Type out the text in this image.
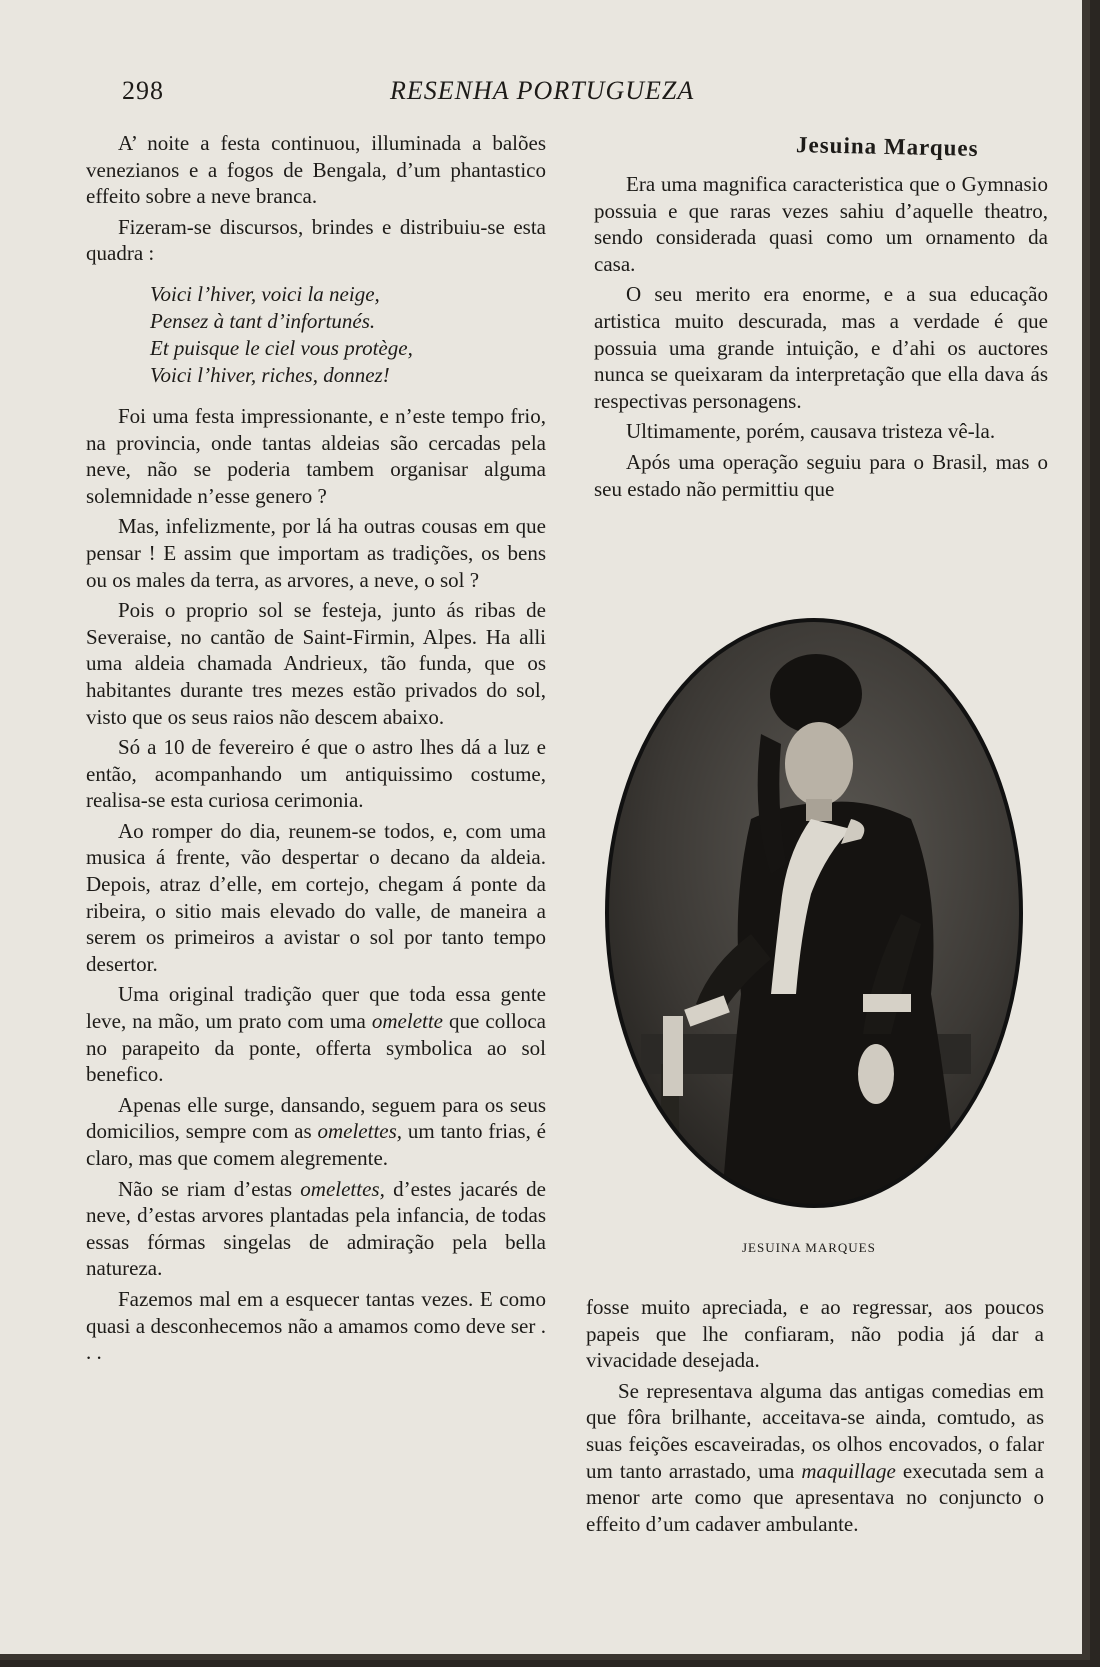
298	RESENHA PORTUGUEZA

A’ noite a festa continuou, illuminada a balões venezianos e a fogos de Bengala, d’um phantastico effeito sobre a neve branca.

Fizeram-se discursos, brindes e distribuiu-se esta quadra :

Voici l’hiver, voici la neige,
Pensez à tant d’infortunés.
Et puisque le ciel vous protège,
Voici l’hiver, riches, donnez!

Foi uma festa impressionante, e n’este tempo frio, na provincia, onde tantas aldeias são cercadas pela neve, não se poderia tambem organisar alguma solemnidade n’esse genero ?

Mas, infelizmente, por lá ha outras cousas em que pensar ! E assim que importam as tradições, os bens ou os males da terra, as arvores, a neve, o sol ?

Pois o proprio sol se festeja, junto ás ribas de Severaise, no cantão de Saint-Firmin, Alpes. Ha alli uma aldeia chamada Andrieux, tão funda, que os habitantes durante tres mezes estão privados do sol, visto que os seus raios não descem abaixo.

Só a 10 de fevereiro é que o astro lhes dá a luz e então, acompanhando um antiquissimo costume, realisa-se esta curiosa cerimonia.

Ao romper do dia, reunem-se todos, e, com uma musica á frente, vão despertar o decano da aldeia. Depois, atraz d’elle, em cortejo, chegam á ponte da ribeira, o sitio mais elevado do valle, de maneira a serem os primeiros a avistar o sol por tanto tempo desertor.

Uma original tradição quer que toda essa gente leve, na mão, um prato com uma omelette que colloca no parapeito da ponte, offerta symbolica ao sol benefico.

Apenas elle surge, dansando, seguem para os seus domicilios, sempre com as omelettes, um tanto frias, é claro, mas que comem alegremente.

Não se riam d’estas omelettes, d’estes jacarés de neve, d’estas arvores plantadas pela infancia, de todas essas fórmas singelas de admiração pela bella natureza.

Fazemos mal em a esquecer tantas vezes. E como quasi a desconhecemos não a amamos como deve ser . . .

Jesuina Marques

Era uma magnifica caracteristica que o Gymnasio possuia e que raras vezes sahiu d’aquelle theatro, sendo considerada quasi como um ornamento da casa.

O seu merito era enorme, e a sua educação artistica muito descurada, mas a verdade é que possuia uma grande intuição, e d’ahi os auctores nunca se queixaram da interpretação que ella dava ás respectivas personagens.

Ultimamente, porém, causava tristeza vê-la.

Após uma operação seguiu para o Brasil, mas o seu estado não permittiu que

JESUINA MARQUES

fosse muito apreciada, e ao regressar, aos poucos papeis que lhe confiaram, não podia já dar a vivacidade desejada.

Se representava alguma das antigas comedias em que fôra brilhante, acceitava-se ainda, comtudo, as suas feições escaveiradas, os olhos encovados, o falar um tanto arrastado, uma maquillage executada sem a menor arte como que apresentava no conjuncto o effeito d’um cadaver ambulante.
